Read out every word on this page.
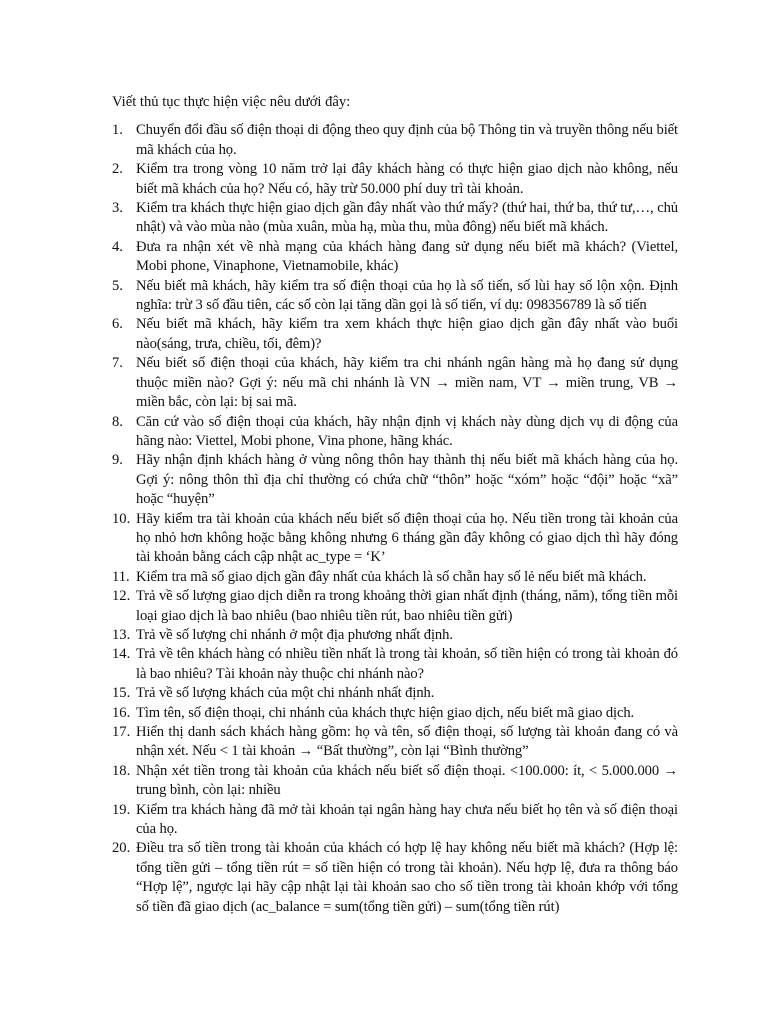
Viết thủ tục thực hiện việc nêu dưới đây:

1. Chuyển đổi đầu số điện thoại di động theo quy định của bộ Thông tin và truyền thông nếu biết mã khách của họ.
2. Kiểm tra trong vòng 10 năm trở lại đây khách hàng có thực hiện giao dịch nào không, nếu biết mã khách của họ? Nếu có, hãy trừ 50.000 phí duy trì tài khoản.
3. Kiểm tra khách thực hiện giao dịch gần đây nhất vào thứ mấy? (thứ hai, thứ ba, thứ tư,…, chủ nhật) và vào mùa nào (mùa xuân, mùa hạ, mùa thu, mùa đông) nếu biết mã khách.
4. Đưa ra nhận xét về nhà mạng của khách hàng đang sử dụng nếu biết mã khách? (Viettel, Mobi phone, Vinaphone, Vietnamobile, khác)
5. Nếu biết mã khách, hãy kiểm tra số điện thoại của họ là số tiến, số lùi hay số lộn xộn. Định nghĩa: trừ 3 số đầu tiên, các số còn lại tăng dần gọi là số tiến, ví dụ: 098356789 là số tiến
6. Nếu biết mã khách, hãy kiểm tra xem khách thực hiện giao dịch gần đây nhất vào buổi nào(sáng, trưa, chiều, tối, đêm)?
7. Nếu biết số điện thoại của khách, hãy kiểm tra chi nhánh ngân hàng mà họ đang sử dụng thuộc miền nào? Gợi ý: nếu mã chi nhánh là VN → miền nam, VT → miền trung, VB → miền bắc, còn lại: bị sai mã.
8. Căn cứ vào số điện thoại của khách, hãy nhận định vị khách này dùng dịch vụ di động của hãng nào: Viettel, Mobi phone, Vina phone, hãng khác.
9. Hãy nhận định khách hàng ở vùng nông thôn hay thành thị nếu biết mã khách hàng của họ. Gợi ý: nông thôn thì địa chỉ thường có chứa chữ “thôn” hoặc “xóm” hoặc “đội” hoặc “xã” hoặc “huyện”
10. Hãy kiểm tra tài khoản của khách nếu biết số điện thoại của họ. Nếu tiền trong tài khoản của họ nhỏ hơn không hoặc bằng không nhưng 6 tháng gần đây không có giao dịch thì hãy đóng tài khoản bằng cách cập nhật ac_type = ‘K’
11. Kiểm tra mã số giao dịch gần đây nhất của khách là số chẵn hay số lẻ nếu biết mã khách.
12. Trả về số lượng giao dịch diễn ra trong khoảng thời gian nhất định (tháng, năm), tổng tiền mỗi loại giao dịch là bao nhiêu (bao nhiêu tiền rút, bao nhiêu tiền gửi)
13. Trả về số lượng chi nhánh ở một địa phương nhất định.
14. Trả về tên khách hàng có nhiều tiền nhất là trong tài khoản, số tiền hiện có trong tài khoản đó là bao nhiêu? Tài khoản này thuộc chi nhánh nào?
15. Trả về số lượng khách của một chi nhánh nhất định.
16. Tìm tên, số điện thoại, chi nhánh của khách thực hiện giao dịch, nếu biết mã giao dịch.
17. Hiển thị danh sách khách hàng gồm: họ và tên, số điện thoại, số lượng tài khoản đang có và nhận xét. Nếu < 1 tài khoản → “Bất thường”, còn lại “Bình thường”
18. Nhận xét tiền trong tài khoản của khách nếu biết số điện thoại. <100.000: ít, < 5.000.000 → trung bình, còn lại: nhiều
19. Kiểm tra khách hàng đã mở tài khoản tại ngân hàng hay chưa nếu biết họ tên và số điện thoại của họ.
20. Điều tra số tiền trong tài khoản của khách có hợp lệ hay không nếu biết mã khách? (Hợp lệ: tổng tiền gửi – tổng tiền rút = số tiền hiện có trong tài khoản). Nếu hợp lệ, đưa ra thông báo “Hợp lệ”, ngược lại hãy cập nhật lại tài khoản sao cho số tiền trong tài khoản khớp với tổng số tiền đã giao dịch (ac_balance = sum(tổng tiền gửi) – sum(tổng tiền rút)
